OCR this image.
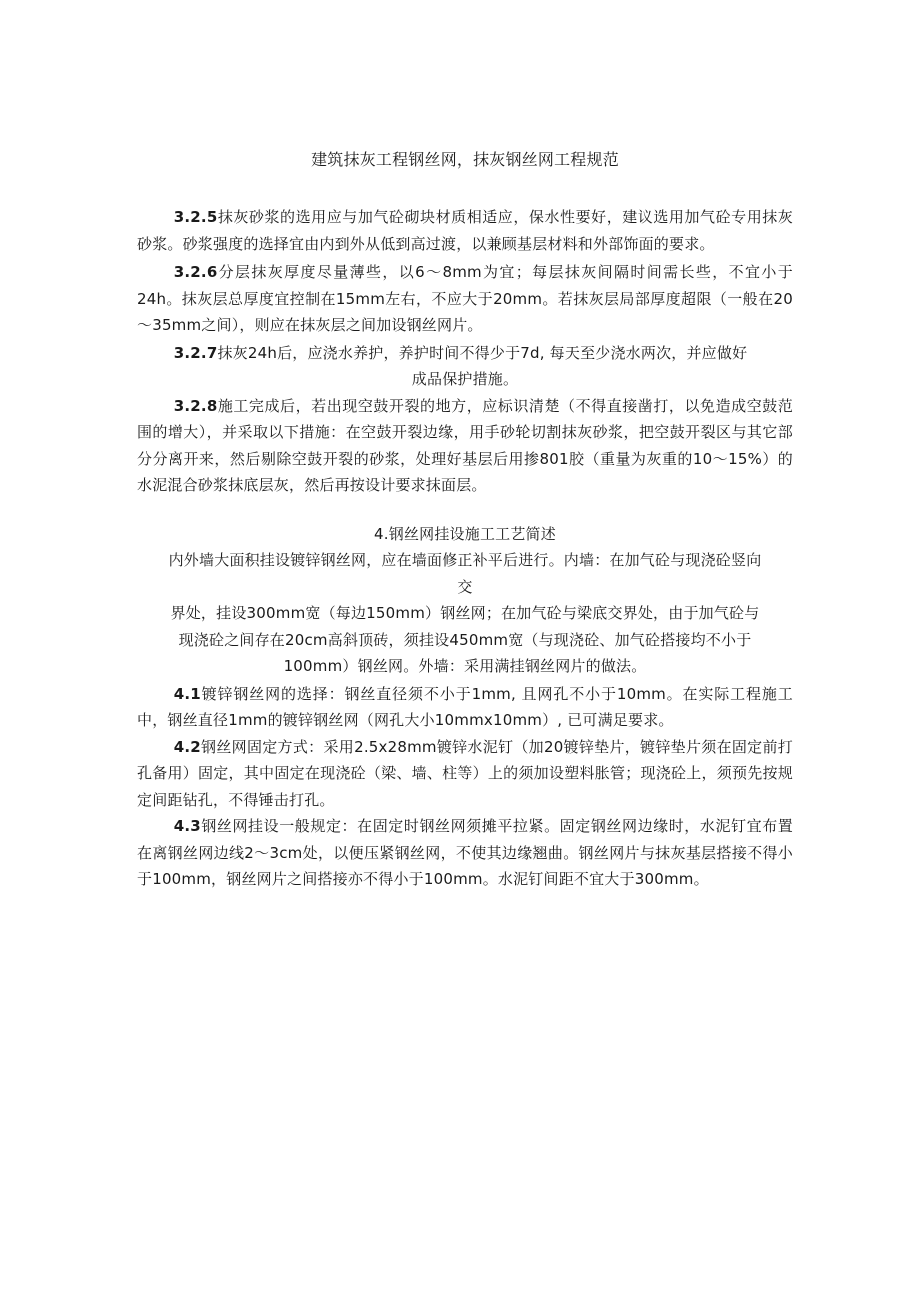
建筑抹灰工程钢丝网，抹灰钢丝网工程规范

3.2.5抹灰砂浆的选用应与加气砼砌块材质相适应，保水性要好，建议选用加气砼专用抹灰砂浆。砂浆强度的选择宜由内到外从低到高过渡，以兼顾基层材料和外部饰面的要求。

3.2.6分层抹灰厚度尽量薄些，以6～8mm为宜；每层抹灰间隔时间需长些，不宜小于24h。抹灰层总厚度宜控制在15mm左右，不应大于20mm。若抹灰层局部厚度超限（一般在20～35mm之间），则应在抹灰层之间加设钢丝网片。

3.2.7抹灰24h后，应浇水养护，养护时间不得少于7d, 每天至少浇水两次，并应做好

成品保护措施。

3.2.8施工完成后，若出现空鼓开裂的地方，应标识清楚（不得直接凿打，以免造成空鼓范围的增大），并采取以下措施：在空鼓开裂边缘，用手砂轮切割抹灰砂浆，把空鼓开裂区与其它部分分离开来，然后剔除空鼓开裂的砂浆，处理好基层后用掺801胶（重量为灰重的10～15%）的水泥混合砂浆抹底层灰，然后再按设计要求抹面层。

4.钢丝网挂设施工工艺简述

内外墙大面积挂设镀锌钢丝网，应在墙面修正补平后进行。内墙：在加气砼与现浇砼竖向

交

界处，挂设300mm宽（每边150mm）钢丝网；在加气砼与梁底交界处，由于加气砼与

现浇砼之间存在20cm高斜顶砖，须挂设450mm宽（与现浇砼、加气砼搭接均不小于

100mm）钢丝网。外墙：采用满挂钢丝网片的做法。

4.1镀锌钢丝网的选择：钢丝直径须不小于1mm, 且网孔不小于10mm。在实际工程施工中，钢丝直径1mm的镀锌钢丝网（网孔大小10mmx10mm）, 已可满足要求。

4.2钢丝网固定方式：采用2.5x28mm镀锌水泥钉（加20镀锌垫片，镀锌垫片须在固定前打孔备用）固定，其中固定在现浇砼（梁、墙、柱等）上的须加设塑料胀管；现浇砼上，须预先按规定间距钻孔，不得锤击打孔。

4.3钢丝网挂设一般规定：在固定时钢丝网须摊平拉紧。固定钢丝网边缘时，水泥钉宜布置在离钢丝网边线2～3cm处，以便压紧钢丝网，不使其边缘翘曲。钢丝网片与抹灰基层搭接不得小于100mm，钢丝网片之间搭接亦不得小于100mm。水泥钉间距不宜大于300mm。
